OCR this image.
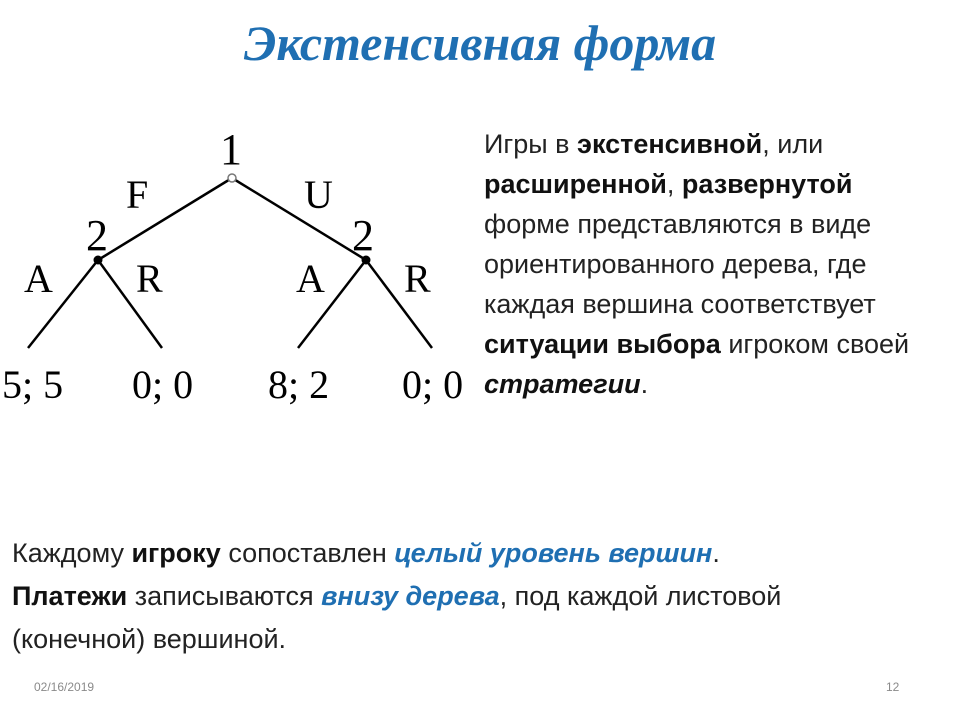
Экстенсивная форма
1
F	U
2	2
A R	A R
5; 5 0; 0 8; 2 0; 0

Игры в экстенсивной, или расширенной, развернутой форме представляются в виде ориентированного дерева, где каждая вершина соответствует ситуации выбора игроком своей стратегии.

Каждому игроку сопоставлен целый уровень вершин.
Платежи записываются внизу дерева, под каждой листовой (конечной) вершиной.

02/16/2019	12
